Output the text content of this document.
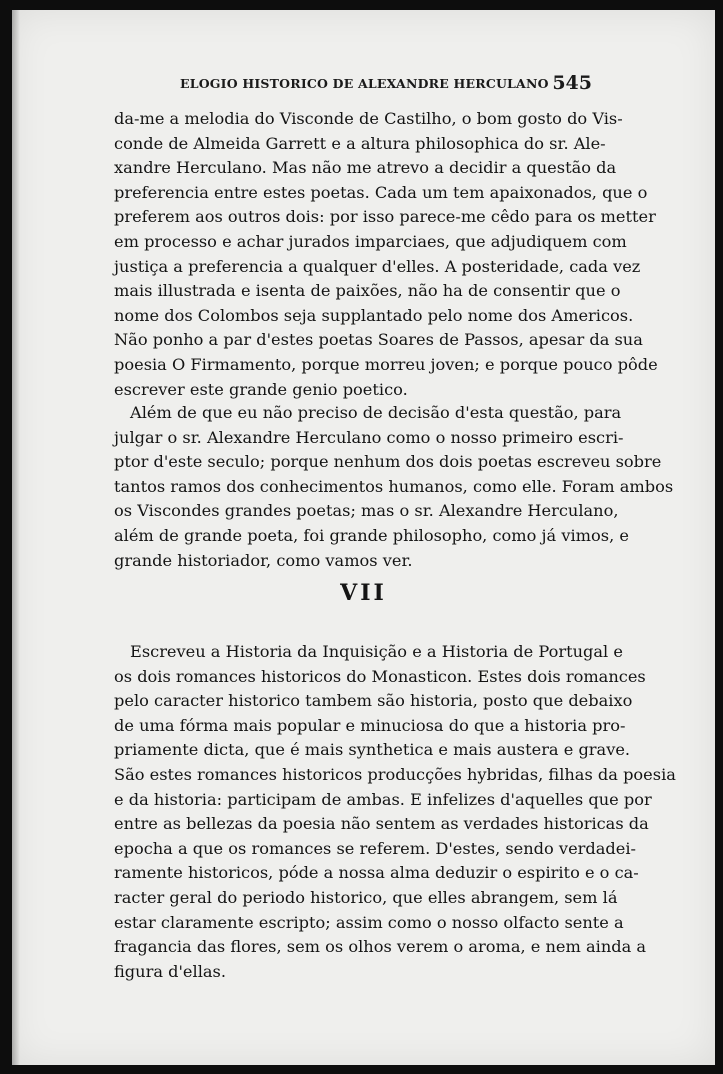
ELOGIO HISTORICO DE ALEXANDRE HERCULANO 545
da-me a melodia do Visconde de Castilho, o bom gosto do Vis-
conde de Almeida Garrett e a altura philosophica do sr. Ale-
xandre Herculano. Mas não me atrevo a decidir a questão da
preferencia entre estes poetas. Cada um tem apaixonados, que o
preferem aos outros dois: por isso parece-me cêdo para os metter
em processo e achar jurados imparciaes, que adjudiquem com
justiça a preferencia a qualquer d'elles. A posteridade, cada vez
mais illustrada e isenta de paixões, não ha de consentir que o
nome dos Colombos seja supplantado pelo nome dos Americos.
Não ponho a par d'estes poetas Soares de Passos, apesar da sua
poesia O Firmamento, porque morreu joven; e porque pouco pôde
escrever este grande genio poetico.
Além de que eu não preciso de decisão d'esta questão, para
julgar o sr. Alexandre Herculano como o nosso primeiro escri-
ptor d'este seculo; porque nenhum dos dois poetas escreveu sobre
tantos ramos dos conhecimentos humanos, como elle. Foram ambos
os Viscondes grandes poetas; mas o sr. Alexandre Herculano,
além de grande poeta, foi grande philosopho, como já vimos, e
grande historiador, como vamos ver.
VII
Escreveu a Historia da Inquisição e a Historia de Portugal e
os dois romances historicos do Monasticon. Estes dois romances
pelo caracter historico tambem são historia, posto que debaixo
de uma fórma mais popular e minuciosa do que a historia pro-
priamente dicta, que é mais synthetica e mais austera e grave.
São estes romances historicos producções hybridas, filhas da poesia
e da historia: participam de ambas. E infelizes d'aquelles que por
entre as bellezas da poesia não sentem as verdades historicas da
epocha a que os romances se referem. D'estes, sendo verdadei-
ramente historicos, póde a nossa alma deduzir o espirito e o ca-
racter geral do periodo historico, que elles abrangem, sem lá
estar claramente escripto; assim como o nosso olfacto sente a
fragancia das flores, sem os olhos verem o aroma, e nem ainda a
figura d'ellas.
